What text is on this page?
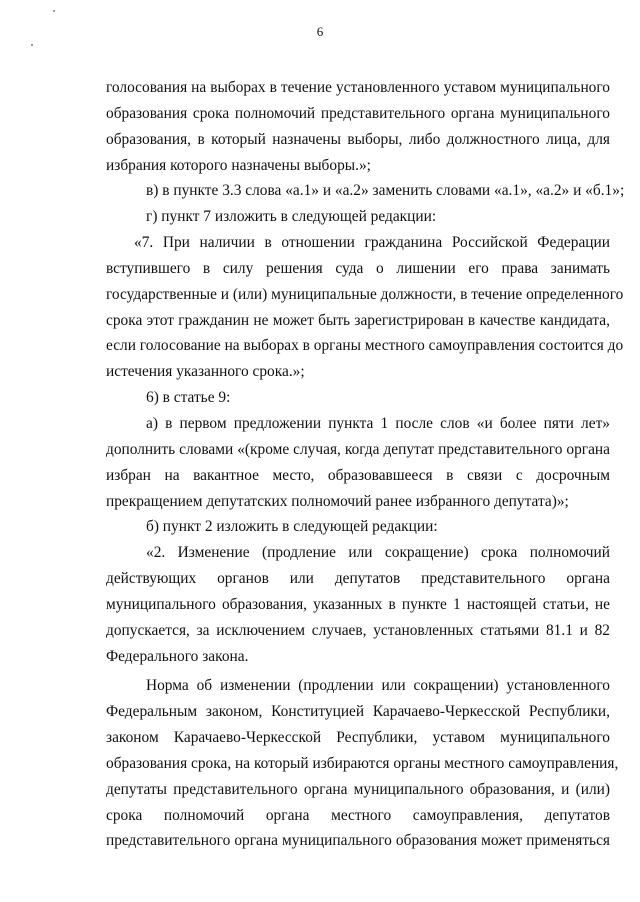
6
голосования на выборах в течение установленного уставом муниципального
образования срока полномочий представительного органа муниципального
образования, в который назначены выборы, либо должностного лица, для
избрания которого назначены выборы.»;
в) в пункте 3.3 слова «а.1» и «а.2» заменить словами «а.1», «а.2» и «б.1»;
г) пункт 7 изложить в следующей редакции:
«7. При наличии в отношении гражданина Российской Федерации
вступившего в силу решения суда о лишении его права занимать
государственные и (или) муниципальные должности, в течение определенного
срока этот гражданин не может быть зарегистрирован в качестве кандидата,
если голосование на выборах в органы местного самоуправления состоится до
истечения указанного срока.»;
6) в статье 9:
а) в первом предложении пункта 1 после слов «и более пяти лет»
дополнить словами «(кроме случая, когда депутат представительного органа
избран на вакантное место, образовавшееся в связи с досрочным
прекращением депутатских полномочий ранее избранного депутата)»;
б) пункт 2 изложить в следующей редакции:
«2. Изменение (продление или сокращение) срока полномочий
действующих органов или депутатов представительного органа
муниципального образования, указанных в пункте 1 настоящей статьи, не
допускается, за исключением случаев, установленных статьями 81.1 и 82
Федерального закона.
Норма об изменении (продлении или сокращении) установленного
Федеральным законом, Конституцией Карачаево-Черкесской Республики,
законом Карачаево-Черкесской Республики, уставом муниципального
образования срока, на который избираются органы местного самоуправления,
депутаты представительного органа муниципального образования, и (или)
срока полномочий органа местного самоуправления, депутатов
представительного органа муниципального образования может применяться
